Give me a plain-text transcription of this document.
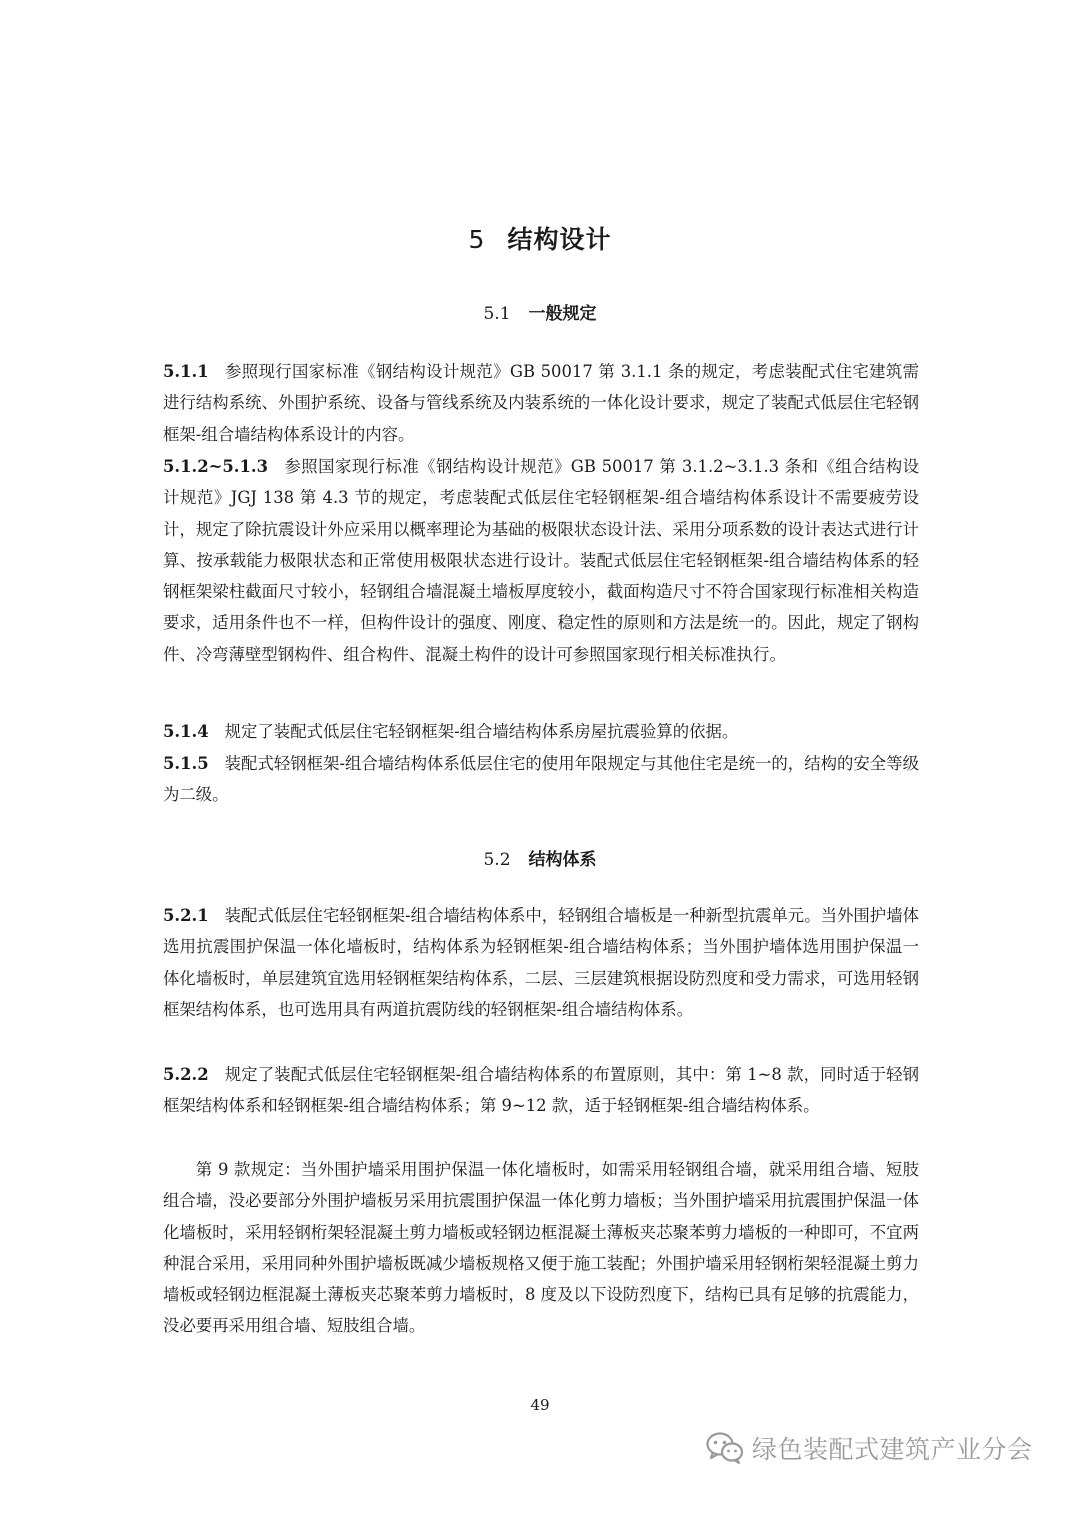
5 结构设计
5.1 一般规定

5.1.1 参照现行国家标准《钢结构设计规范》GB 50017 第 3.1.1 条的规定，考虑装配式住宅建筑需进行结构系统、外围护系统、设备与管线系统及内装系统的一体化设计要求，规定了装配式低层住宅轻钢框架-组合墙结构体系设计的内容。

5.1.2~5.1.3 参照国家现行标准《钢结构设计规范》GB 50017 第 3.1.2~3.1.3 条和《组合结构设计规范》JGJ 138 第 4.3 节的规定，考虑装配式低层住宅轻钢框架-组合墙结构体系设计不需要疲劳设计，规定了除抗震设计外应采用以概率理论为基础的极限状态设计法、采用分项系数的设计表达式进行计算、按承载能力极限状态和正常使用极限状态进行设计。装配式低层住宅轻钢框架-组合墙结构体系的轻钢框架梁柱截面尺寸较小，轻钢组合墙混凝土墙板厚度较小，截面构造尺寸不符合国家现行标准相关构造要求，适用条件也不一样，但构件设计的强度、刚度、稳定性的原则和方法是统一的。因此，规定了钢构件、冷弯薄壁型钢构件、组合构件、混凝土构件的设计可参照国家现行相关标准执行。

5.1.4 规定了装配式低层住宅轻钢框架-组合墙结构体系房屋抗震验算的依据。

5.1.5 装配式轻钢框架-组合墙结构体系低层住宅的使用年限规定与其他住宅是统一的，结构的安全等级为二级。

5.2 结构体系

5.2.1 装配式低层住宅轻钢框架-组合墙结构体系中，轻钢组合墙板是一种新型抗震单元。当外围护墙体选用抗震围护保温一体化墙板时，结构体系为轻钢框架-组合墙结构体系；当外围护墙体选用围护保温一体化墙板时，单层建筑宜选用轻钢框架结构体系，二层、三层建筑根据设防烈度和受力需求，可选用轻钢框架结构体系，也可选用具有两道抗震防线的轻钢框架-组合墙结构体系。

5.2.2 规定了装配式低层住宅轻钢框架-组合墙结构体系的布置原则，其中：第 1~8 款，同时适于轻钢框架结构体系和轻钢框架-组合墙结构体系；第 9~12 款，适于轻钢框架-组合墙结构体系。

第 9 款规定：当外围护墙采用围护保温一体化墙板时，如需采用轻钢组合墙，就采用组合墙、短肢组合墙，没必要部分外围护墙板另采用抗震围护保温一体化剪力墙板；当外围护墙采用抗震围护保温一体化墙板时，采用轻钢桁架轻混凝土剪力墙板或轻钢边框混凝土薄板夹芯聚苯剪力墙板的一种即可，不宜两种混合采用，采用同种外围护墙板既减少墙板规格又便于施工装配；外围护墙采用轻钢桁架轻混凝土剪力墙板或轻钢边框混凝土薄板夹芯聚苯剪力墙板时，8 度及以下设防烈度下，结构已具有足够的抗震能力，没必要再采用组合墙、短肢组合墙。

49
绿色装配式建筑产业分会
